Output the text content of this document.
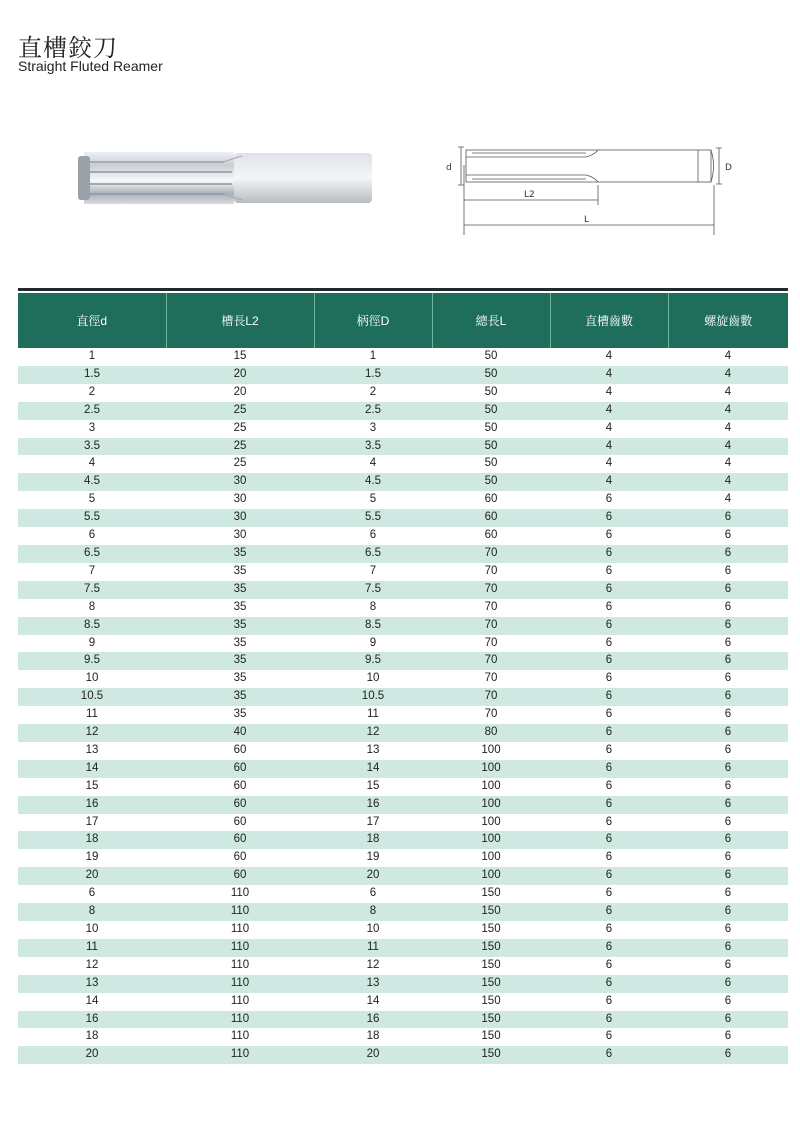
直槽鉸刀
Straight Fluted Reamer
d	D
L2
L
直徑d	槽長L2	柄徑D	總長L	直槽齒數	螺旋齒數
1	15	1	50	4	4
1.5	20	1.5	50	4	4
2	20	2	50	4	4
2.5	25	2.5	50	4	4
3	25	3	50	4	4
3.5	25	3.5	50	4	4
4	25	4	50	4	4
4.5	30	4.5	50	4	4
5	30	5	60	6	4
5.5	30	5.5	60	6	6
6	30	6	60	6	6
6.5	35	6.5	70	6	6
7	35	7	70	6	6
7.5	35	7.5	70	6	6
8	35	8	70	6	6
8.5	35	8.5	70	6	6
9	35	9	70	6	6
9.5	35	9.5	70	6	6
10	35	10	70	6	6
10.5	35	10.5	70	6	6
11	35	11	70	6	6
12	40	12	80	6	6
13	60	13	100	6	6
14	60	14	100	6	6
15	60	15	100	6	6
16	60	16	100	6	6
17	60	17	100	6	6
18	60	18	100	6	6
19	60	19	100	6	6
20	60	20	100	6	6
6	110	6	150	6	6
8	110	8	150	6	6
10	110	10	150	6	6
11	110	11	150	6	6
12	110	12	150	6	6
13	110	13	150	6	6
14	110	14	150	6	6
16	110	16	150	6	6
18	110	18	150	6	6
20	110	20	150	6	6
